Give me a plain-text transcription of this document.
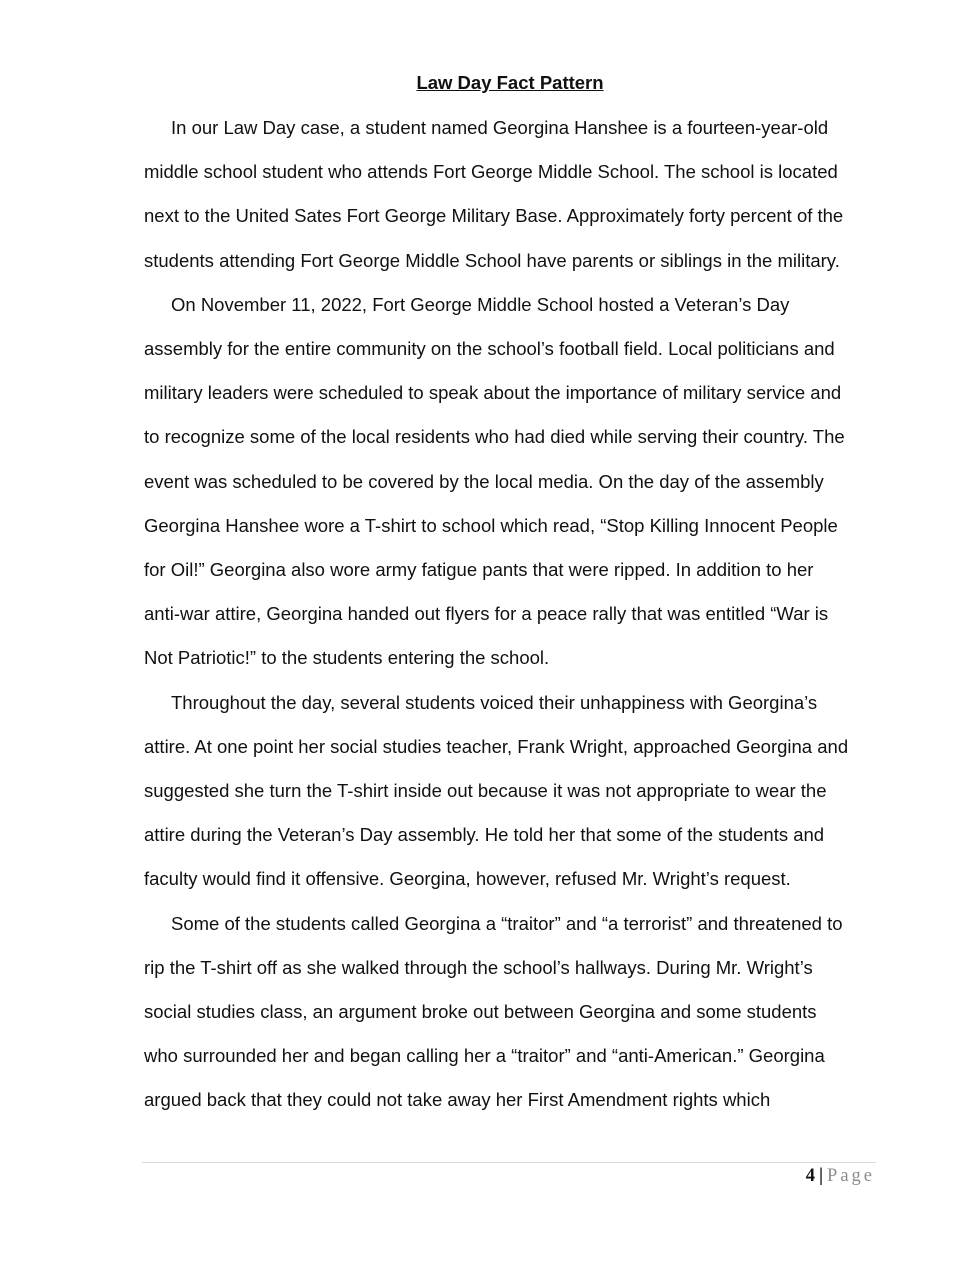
Law Day Fact Pattern

In our Law Day case, a student named Georgina Hanshee is a fourteen-year-old
middle school student who attends Fort George Middle School. The school is located
next to the United Sates Fort George Military Base. Approximately forty percent of the
students attending Fort George Middle School have parents or siblings in the military.

On November 11, 2022, Fort George Middle School hosted a Veteran’s Day
assembly for the entire community on the school’s football field. Local politicians and
military leaders were scheduled to speak about the importance of military service and
to recognize some of the local residents who had died while serving their country. The
event was scheduled to be covered by the local media. On the day of the assembly
Georgina Hanshee wore a T-shirt to school which read, “Stop Killing Innocent People
for Oil!” Georgina also wore army fatigue pants that were ripped. In addition to her
anti-war attire, Georgina handed out flyers for a peace rally that was entitled “War is
Not Patriotic!” to the students entering the school.

Throughout the day, several students voiced their unhappiness with Georgina’s
attire. At one point her social studies teacher, Frank Wright, approached Georgina and
suggested she turn the T-shirt inside out because it was not appropriate to wear the
attire during the Veteran’s Day assembly. He told her that some of the students and
faculty would find it offensive. Georgina, however, refused Mr. Wright’s request.

Some of the students called Georgina a “traitor” and “a terrorist” and threatened to
rip the T-shirt off as she walked through the school’s hallways. During Mr. Wright’s
social studies class, an argument broke out between Georgina and some students
who surrounded her and began calling her a “traitor” and “anti-American.” Georgina
argued back that they could not take away her First Amendment rights which

4 | Page
